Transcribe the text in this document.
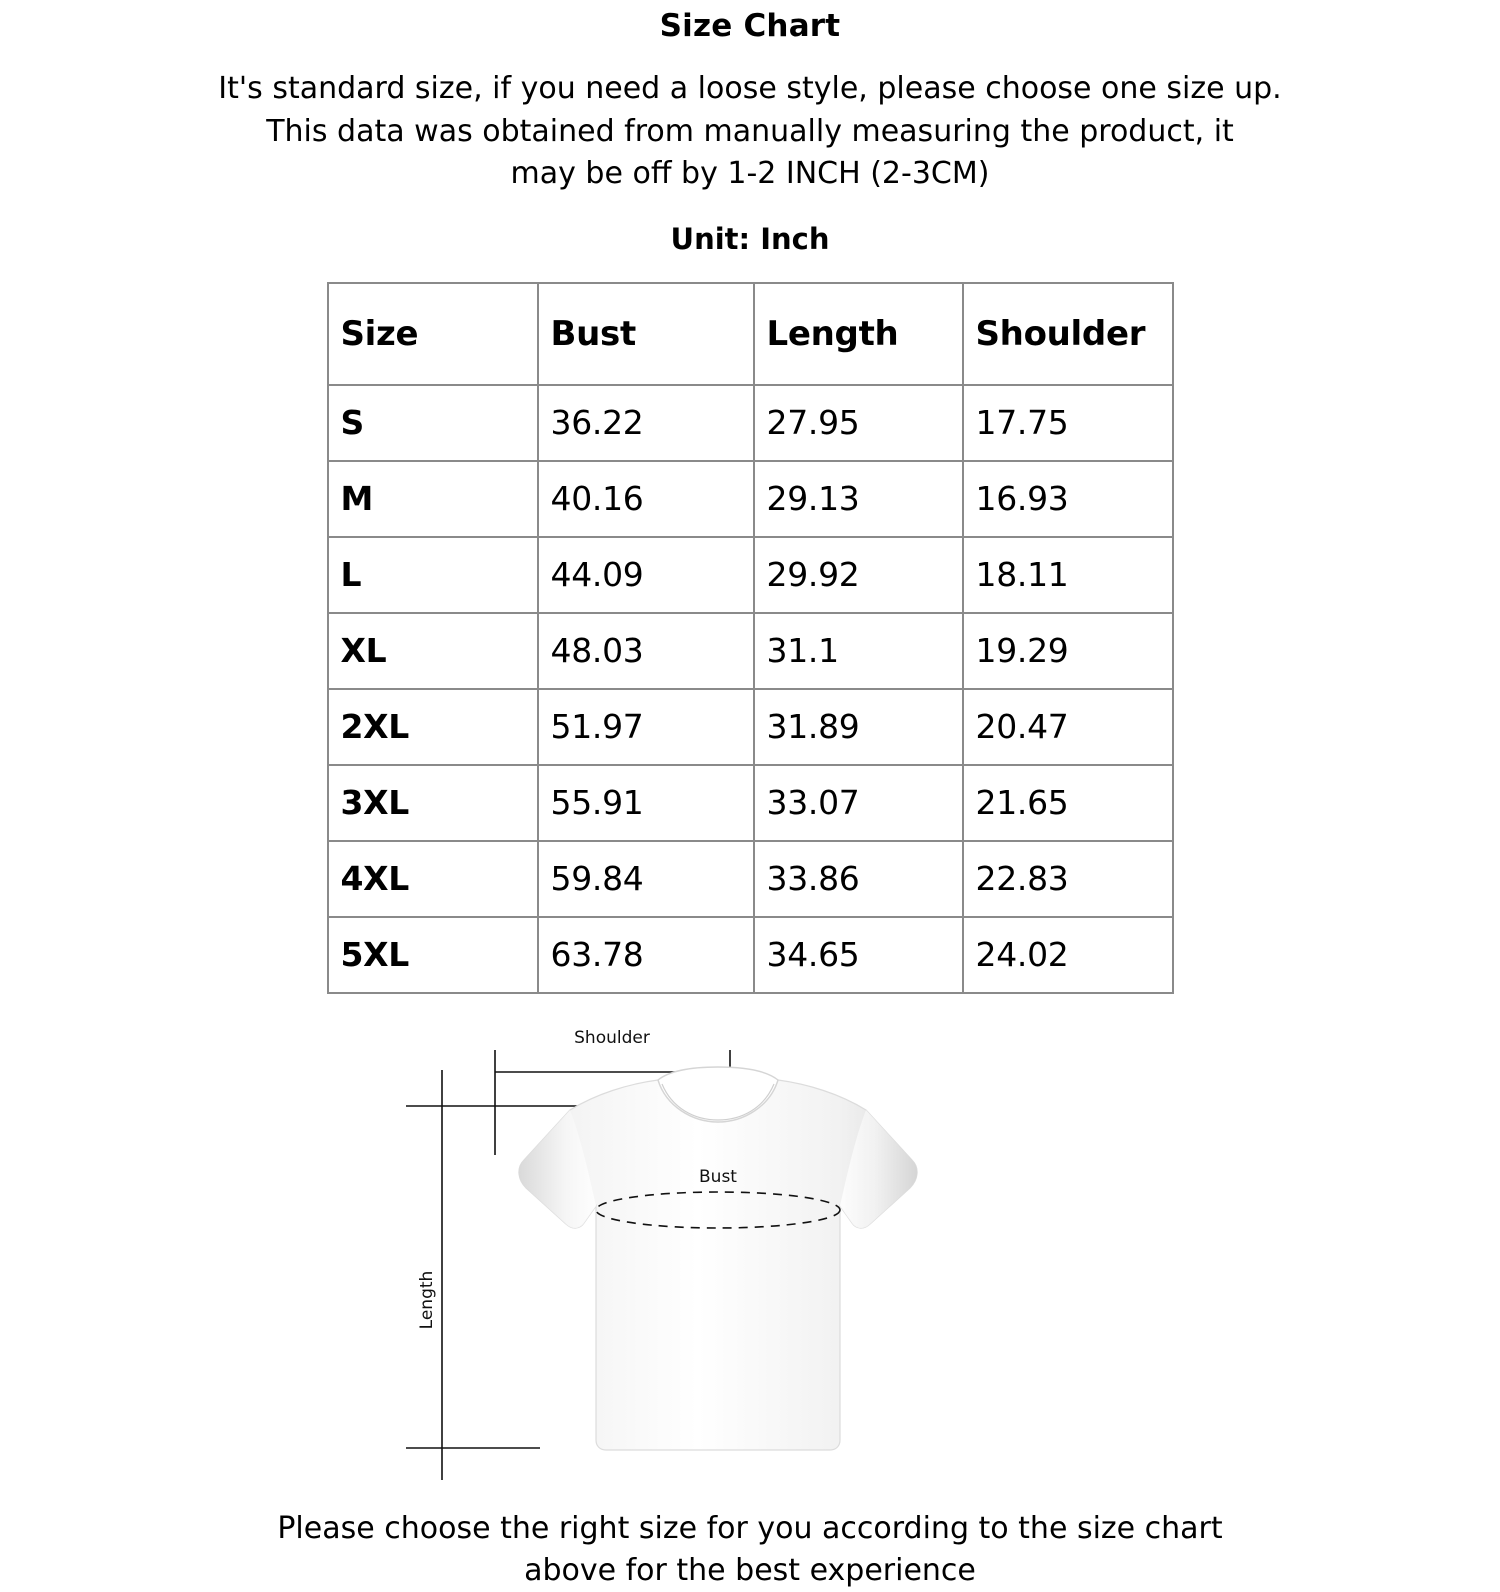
Size Chart
It's standard size, if you need a loose style, please choose one size up.
This data was obtained from manually measuring the product, it
may be off by 1-2 INCH (2-3CM)
Unit: Inch
Size	Bust	Length	Shoulder
S	36.22	27.95	17.75
M	40.16	29.13	16.93
L	44.09	29.92	18.11
XL	48.03	31.1	19.29
2XL	51.97	31.89	20.47
3XL	55.91	33.07	21.65
4XL	59.84	33.86	22.83
5XL	63.78	34.65	24.02
Shoulder
Length
Bust
Please choose the right size for you according to the size chart
above for the best experience
